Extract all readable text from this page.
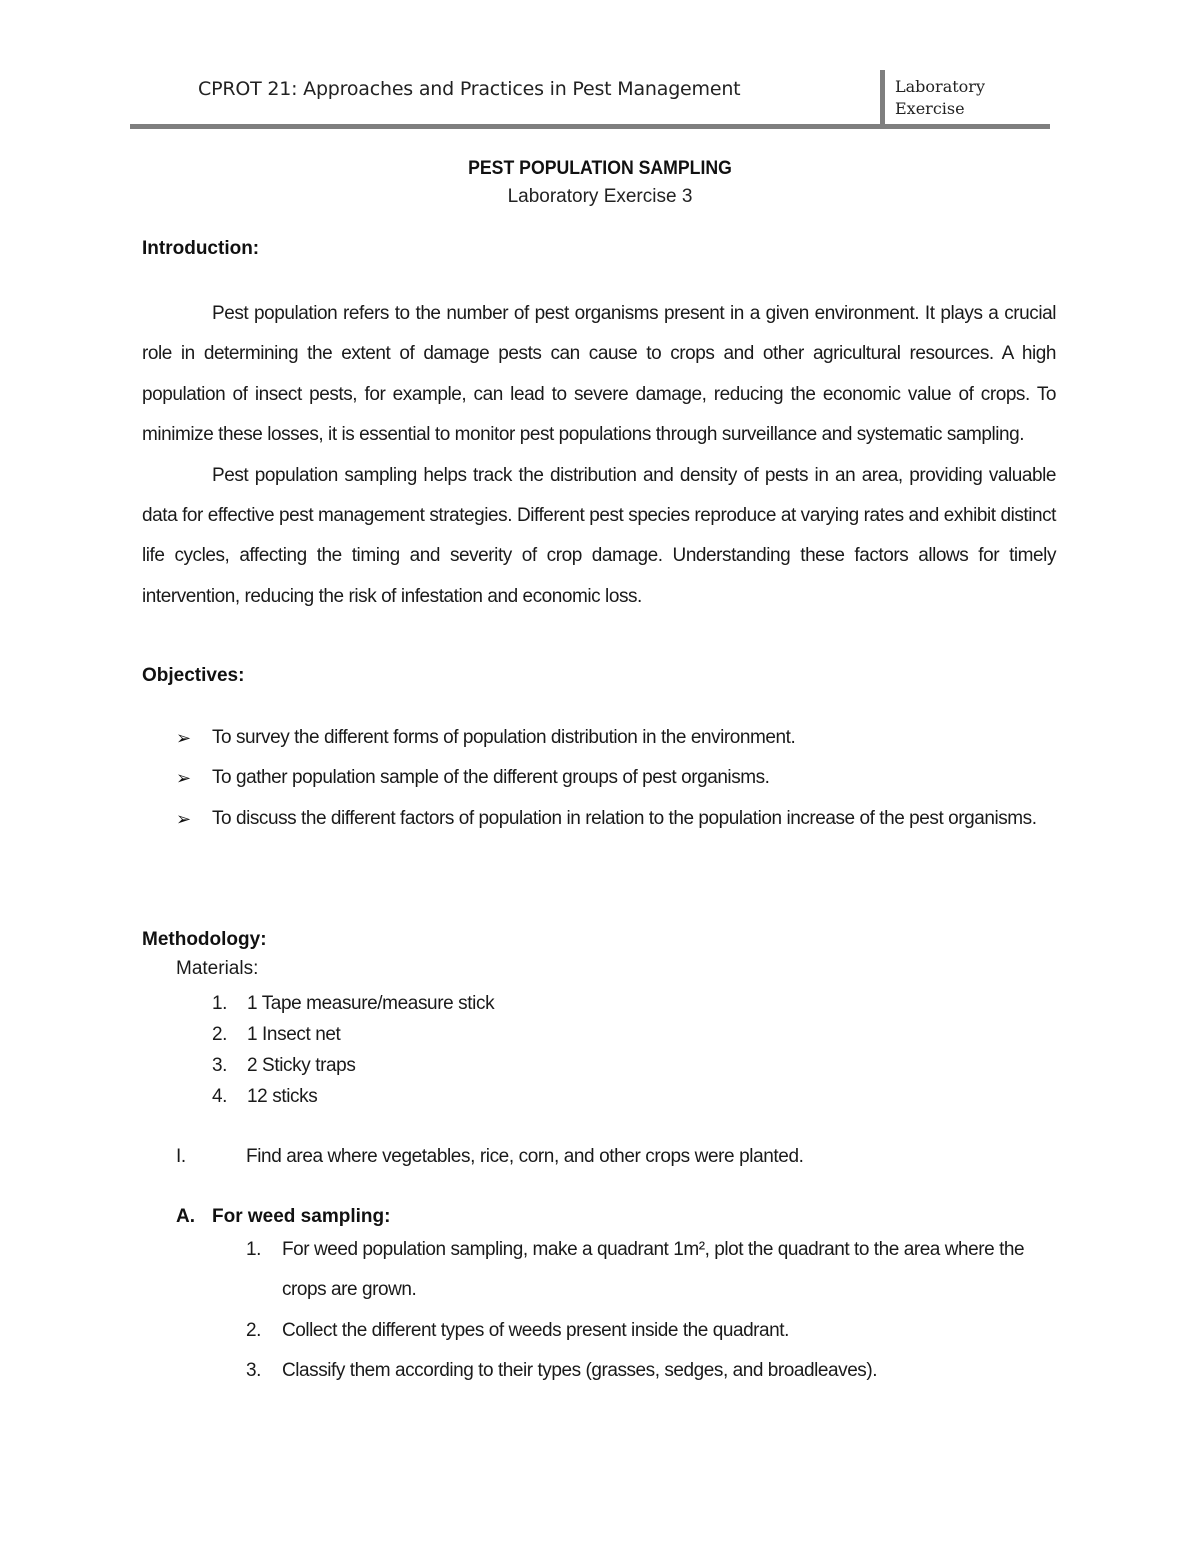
CPROT 21: Approaches and Practices in Pest Management	Laboratory
Exercise
PEST POPULATION SAMPLING
Laboratory Exercise 3
Introduction:

Pest population refers to the number of pest organisms present in a given environment. It plays a crucial role in determining the extent of damage pests can cause to crops and other agricultural resources. A high population of insect pests, for example, can lead to severe damage, reducing the economic value of crops. To minimize these losses, it is essential to monitor pest populations through surveillance and systematic sampling.

Pest population sampling helps track the distribution and density of pests in an area, providing valuable data for effective pest management strategies. Different pest species reproduce at varying rates and exhibit distinct life cycles, affecting the timing and severity of crop damage. Understanding these factors allows for timely intervention, reducing the risk of infestation and economic loss.

Objectives:
➢ To survey the different forms of population distribution in the environment.
➢ To gather population sample of the different groups of pest organisms.
➢ To discuss the different factors of population in relation to the population increase of the pest organisms.
Methodology:
Materials:
1. 1 Tape measure/measure stick
2. 1 Insect net
3. 2 Sticky traps
4. 12 sticks
I.	Find area where vegetables, rice, corn, and other crops were planted.
A. For weed sampling:
1. For weed population sampling, make a quadrant 1m², plot the quadrant to the area where the crops are grown.
2. Collect the different types of weeds present inside the quadrant.
3. Classify them according to their types (grasses, sedges, and broadleaves).
